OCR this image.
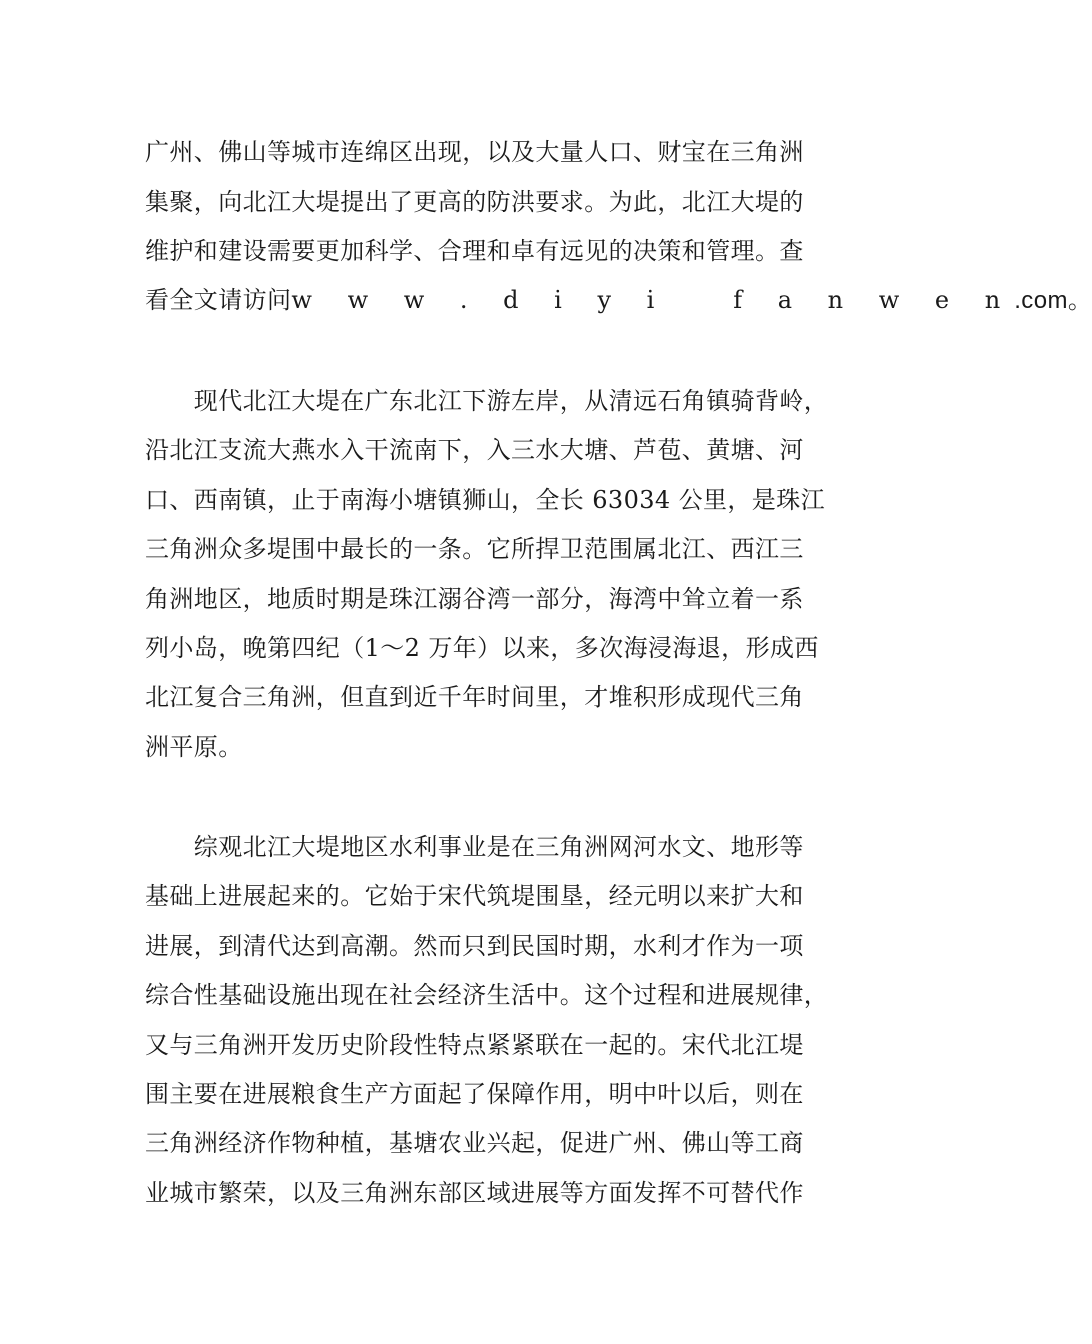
广州、佛山等城市连绵区出现，以及大量人口、财宝在三角洲
集聚，向北江大堤提出了更高的防洪要求。为此，北江大堤的
维护和建设需要更加科学、合理和卓有远见的决策和管理。查
看全文请访问w w w . d i y i   f a n w e n.com。
　　现代北江大堤在广东北江下游左岸，从清远石角镇骑背岭，
沿北江支流大燕水入干流南下，入三水大塘、芦苞、黄塘、河
口、西南镇，止于南海小塘镇狮山，全长 63034 公里，是珠江
三角洲众多堤围中最长的一条。它所捍卫范围属北江、西江三
角洲地区，地质时期是珠江溺谷湾一部分，海湾中耸立着一系
列小岛，晚第四纪（1～2 万年）以来，多次海浸海退，形成西
北江复合三角洲，但直到近千年时间里，才堆积形成现代三角
洲平原。
　　综观北江大堤地区水利事业是在三角洲网河水文、地形等
基础上进展起来的。它始于宋代筑堤围垦，经元明以来扩大和
进展，到清代达到高潮。然而只到民国时期，水利才作为一项
综合性基础设施出现在社会经济生活中。这个过程和进展规律，
又与三角洲开发历史阶段性特点紧紧联在一起的。宋代北江堤
围主要在进展粮食生产方面起了保障作用，明中叶以后，则在
三角洲经济作物种植，基塘农业兴起，促进广州、佛山等工商
业城市繁荣，以及三角洲东部区域进展等方面发挥不可替代作
